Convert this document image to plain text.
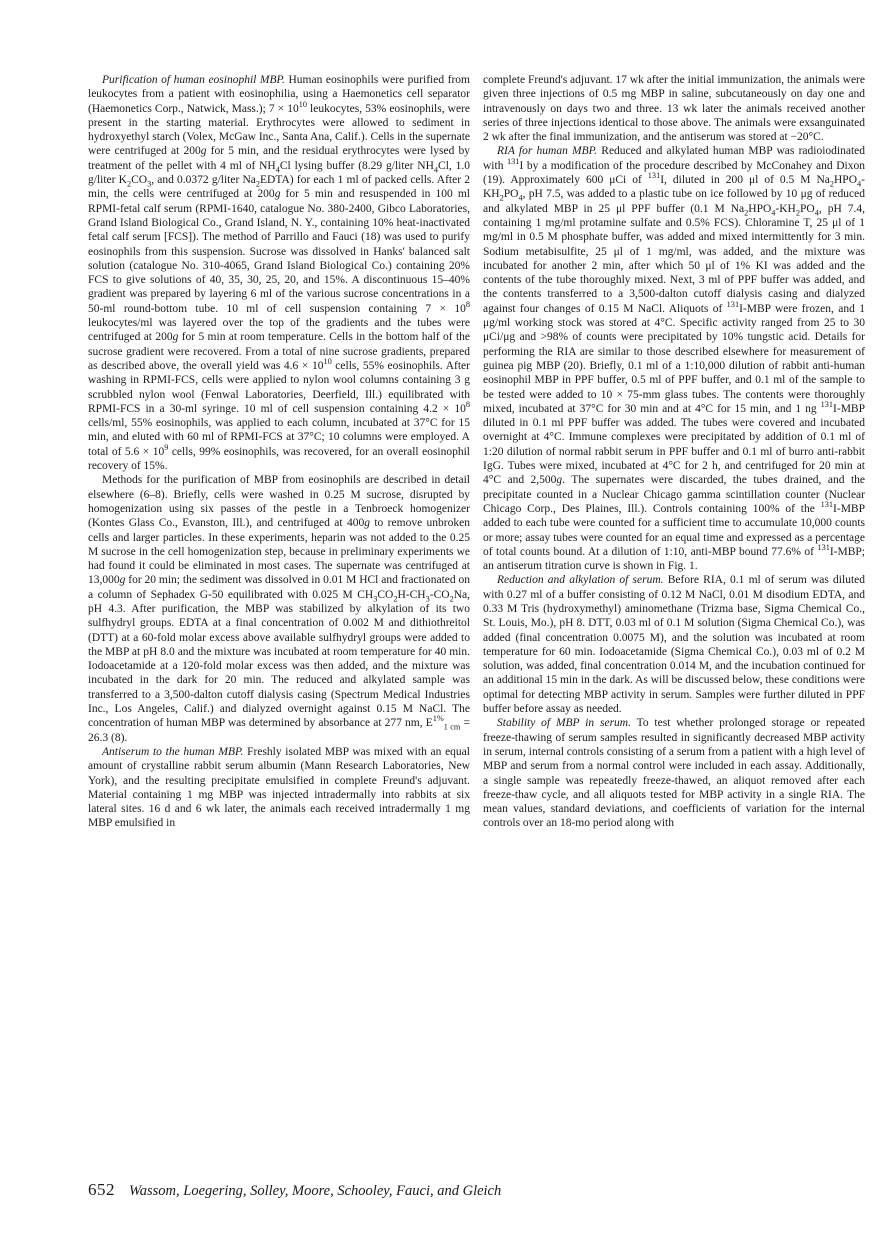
Purification of human eosinophil MBP. Human eosinophils were purified from leukocytes from a patient with eosinophilia, using a Haemonetics cell separator (Haemonetics Corp., Natwick, Mass.); $7 \times 10^{10}$ leukocytes, 53% eosinophils, were present in the starting material. Erythrocytes were allowed to sediment in hydroxyethyl starch (Volex, McGaw Inc., Santa Ana, Calif.). Cells in the supernate were centrifuged at 200g for 5 min, and the residual erythrocytes were lysed by treatment of the pellet with 4 ml of $NH_4Cl$ lysing buffer (8.29 g/liter $NH_4Cl$, 1.0 g/liter $K_2CO_3$, and 0.0372 g/liter $Na_2EDTA$) for each 1 ml of packed cells. After 2 min, the cells were centrifuged at 200g for 5 min and resuspended in 100 ml RPMI-fetal calf serum (RPMI-1640, catalogue No. 380-2400, Gibco Laboratories, Grand Island Biological Co., Grand Island, N. Y., containing 10% heat-inactivated fetal calf serum [FCS]). The method of Parrillo and Fauci (18) was used to purify eosinophils from this suspension. Sucrose was dissolved in Hanks' balanced salt solution (catalogue No. 310-4065, Grand Island Biological Co.) containing 20% FCS to give solutions of 40, 35, 30, 25, 20, and 15%. A discontinuous 15–40% gradient was prepared by layering 6 ml of the various sucrose concentrations in a 50-ml round-bottom tube. 10 ml of cell suspension containing $7 \times 10^8$ leukocytes/ml was layered over the top of the gradients and the tubes were centrifuged at 200g for 5 min at room temperature. Cells in the bottom half of the sucrose gradient were recovered. From a total of nine sucrose gradients, prepared as described above, the overall yield was $4.6 \times 10^{10}$ cells, 55% eosinophils. After washing in RPMI-FCS, cells were applied to nylon wool columns containing 3 g scrubbled nylon wool (Fenwal Laboratories, Deerfield, Ill.) equilibrated with RPMI-FCS in a 30-ml syringe. 10 ml of cell suspension containing $4.2 \times 10^8$ cells/ml, 55% eosinophils, was applied to each column, incubated at 37°C for 15 min, and eluted with 60 ml of RPMI-FCS at 37°C; 10 columns were employed. A total of $5.6 \times 10^9$ cells, 99% eosinophils, was recovered, for an overall eosinophil recovery of 15%.

Methods for the purification of MBP from eosinophils are described in detail elsewhere (6–8). Briefly, cells were washed in 0.25 M sucrose, disrupted by homogenization using six passes of the pestle in a Tenbroeck homogenizer (Kontes Glass Co., Evanston, Ill.), and centrifuged at 400g to remove unbroken cells and larger particles. In these experiments, heparin was not added to the 0.25 M sucrose in the cell homogenization step, because in preliminary experiments we had found it could be eliminated in most cases. The supernate was centrifuged at 13,000g for 20 min; the sediment was dissolved in 0.01 M HCl and fractionated on a column of Sephadex G-50 equilibrated with 0.025 M $CH_3CO_2H-CH_3-CO_2Na$, pH 4.3. After purification, the MBP was stabilized by alkylation of its two sulfhydryl groups. EDTA at a final concentration of 0.002 M and dithiothreitol (DTT) at a 60-fold molar excess above available sulfhydryl groups were added to the MBP at pH 8.0 and the mixture was incubated at room temperature for 40 min. Iodoacetamide at a 120-fold molar excess was then added, and the mixture was incubated in the dark for 20 min. The reduced and alkylated sample was transferred to a 3,500-dalton cutoff dialysis casing (Spectrum Medical Industries Inc., Los Angeles, Calif.) and dialyzed overnight against 0.15 M NaCl. The concentration of human MBP was determined by absorbance at 277 nm, $E^{1\%}_{1 cm} = 26.3$ (8).

Antiserum to the human MBP. Freshly isolated MBP was mixed with an equal amount of crystalline rabbit serum albumin (Mann Research Laboratories, New York), and the resulting precipitate emulsified in complete Freund's adjuvant. Material containing 1 mg MBP was injected intradermally into rabbits at six lateral sites. 16 d and 6 wk later, the animals each received intradermally 1 mg MBP emulsified in

complete Freund's adjuvant. 17 wk after the initial immunization, the animals were given three injections of 0.5 mg MBP in saline, subcutaneously on day one and intravenously on days two and three. 13 wk later the animals received another series of three injections identical to those above. The animals were exsanguinated 2 wk after the final immunization, and the antiserum was stored at −20°C.

RIA for human MBP. Reduced and alkylated human MBP was radioiodinated with $^{131}$I by a modification of the procedure described by McConahey and Dixon (19). Approximately 600 μCi of $^{131}$I, diluted in 200 μl of 0.5 M $Na_2HPO_4-KH_2PO_4$, pH 7.5, was added to a plastic tube on ice followed by 10 μg of reduced and alkylated MBP in 25 μl PPF buffer (0.1 M $Na_2HPO_4-KH_2PO_4$, pH 7.4, containing 1 mg/ml protamine sulfate and 0.5% FCS). Chloramine T, 25 μl of 1 mg/ml in 0.5 M phosphate buffer, was added and mixed intermittently for 3 min. Sodium metabisulfite, 25 μl of 1 mg/ml, was added, and the mixture was incubated for another 2 min, after which 50 μl of 1% KI was added and the contents of the tube thoroughly mixed. Next, 3 ml of PPF buffer was added, and the contents transferred to a 3,500-dalton cutoff dialysis casing and dialyzed against four changes of 0.15 M NaCl. Aliquots of $^{131}$I-MBP were frozen, and 1 μg/ml working stock was stored at 4°C. Specific activity ranged from 25 to 30 μCi/μg and >98% of counts were precipitated by 10% tungstic acid. Details for performing the RIA are similar to those described elsewhere for measurement of guinea pig MBP (20). Briefly, 0.1 ml of a 1:10,000 dilution of rabbit anti-human eosinophil MBP in PPF buffer, 0.5 ml of PPF buffer, and 0.1 ml of the sample to be tested were added to 10 × 75-mm glass tubes. The contents were thoroughly mixed, incubated at 37°C for 30 min and at 4°C for 15 min, and 1 ng $^{131}$I-MBP diluted in 0.1 ml PPF buffer was added. The tubes were covered and incubated overnight at 4°C. Immune complexes were precipitated by addition of 0.1 ml of 1:20 dilution of normal rabbit serum in PPF buffer and 0.1 ml of burro anti-rabbit IgG. Tubes were mixed, incubated at 4°C for 2 h, and centrifuged for 20 min at 4°C and 2,500g. The supernates were discarded, the tubes drained, and the precipitate counted in a Nuclear Chicago gamma scintillation counter (Nuclear Chicago Corp., Des Plaines, Ill.). Controls containing 100% of the $^{131}$I-MBP added to each tube were counted for a sufficient time to accumulate 10,000 counts or more; assay tubes were counted for an equal time and expressed as a percentage of total counts bound. At a dilution of 1:10, anti-MBP bound 77.6% of $^{131}$I-MBP; an antiserum titration curve is shown in Fig. 1.

Reduction and alkylation of serum. Before RIA, 0.1 ml of serum was diluted with 0.27 ml of a buffer consisting of 0.12 M NaCl, 0.01 M disodium EDTA, and 0.33 M Tris (hydroxymethyl) aminomethane (Trizma base, Sigma Chemical Co., St. Louis, Mo.), pH 8. DTT, 0.03 ml of 0.1 M solution (Sigma Chemical Co.), was added (final concentration 0.0075 M), and the solution was incubated at room temperature for 60 min. Iodoacetamide (Sigma Chemical Co.), 0.03 ml of 0.2 M solution, was added, final concentration 0.014 M, and the incubation continued for an additional 15 min in the dark. As will be discussed below, these conditions were optimal for detecting MBP activity in serum. Samples were further diluted in PPF buffer before assay as needed.

Stability of MBP in serum. To test whether prolonged storage or repeated freeze-thawing of serum samples resulted in significantly decreased MBP activity in serum, internal controls consisting of a serum from a patient with a high level of MBP and serum from a normal control were included in each assay. Additionally, a single sample was repeatedly freeze-thawed, an aliquot removed after each freeze-thaw cycle, and all aliquots tested for MBP activity in a single RIA. The mean values, standard deviations, and coefficients of variation for the internal controls over an 18-mo period along with

652 Wassom, Loegering, Solley, Moore, Schooley, Fauci, and Gleich
